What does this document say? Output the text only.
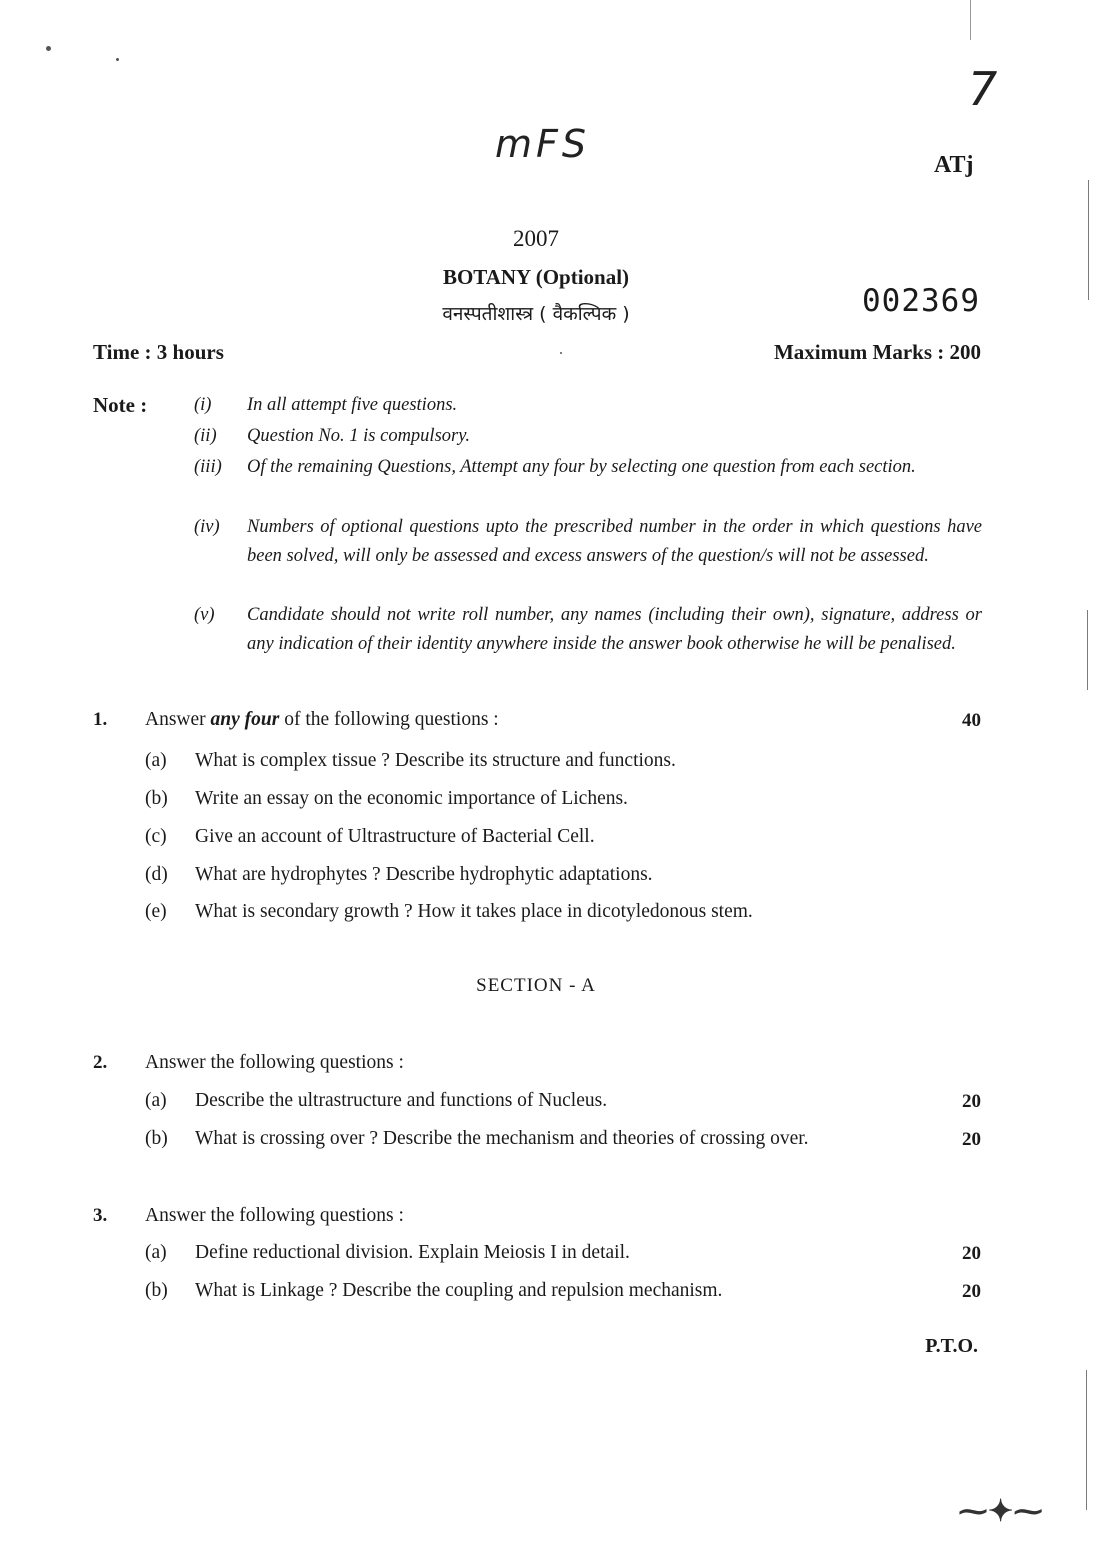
7
mFS	ATj
2007
BOTANY (Optional)
वनस्पतीशास्त्र ( वैकल्पिक )	002369
Time : 3 hours	Maximum Marks : 200
Note :	(i) In all attempt five questions.
(ii) Question No. 1 is compulsory.
(iii) Of the remaining Questions, Attempt any four by selecting one question from each section.
(iv) Numbers of optional questions upto the prescribed number in the order in which questions have been solved, will only be assessed and excess answers of the question/s will not be assessed.
(v) Candidate should not write roll number, any names (including their own), signature, address or any indication of their identity anywhere inside the answer book otherwise he will be penalised.
1. Answer any four of the following questions :	40
(a) What is complex tissue ? Describe its structure and functions.
(b) Write an essay on the economic importance of Lichens.
(c) Give an account of Ultrastructure of Bacterial Cell.
(d) What are hydrophytes ? Describe hydrophytic adaptations.
(e) What is secondary growth ? How it takes place in dicotyledonous stem.
SECTION - A
2. Answer the following questions :
(a) Describe the ultrastructure and functions of Nucleus.	20
(b) What is crossing over ? Describe the mechanism and theories of crossing over.	20
3. Answer the following questions :
(a) Define reductional division. Explain Meiosis I in detail.	20
(b) What is Linkage ? Describe the coupling and repulsion mechanism.	20
P.T.O.
⁓✦⁓
